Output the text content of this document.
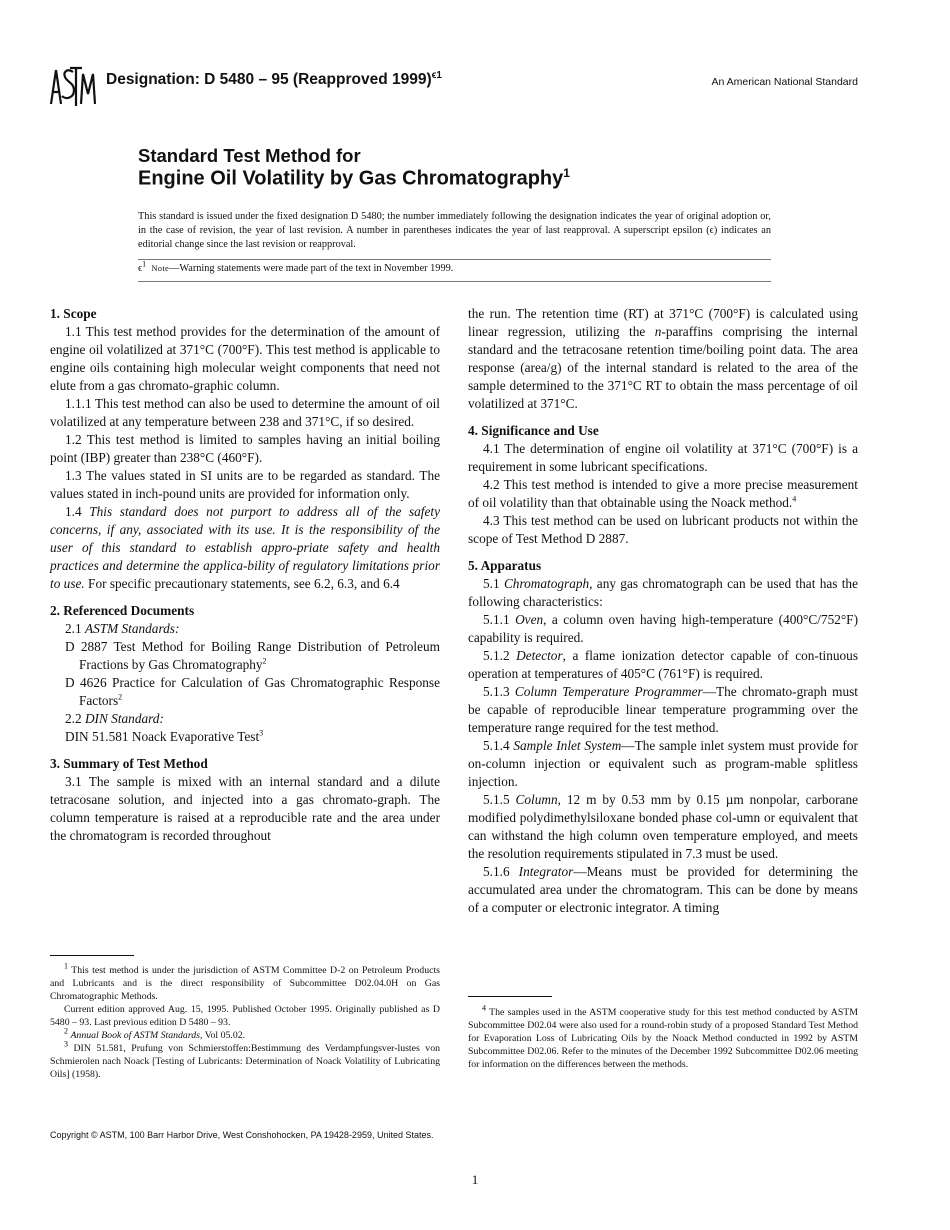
ASTM
Designation: D 5480 – 95 (Reapproved 1999)$^{\epsilon 1}$
An American National Standard
Standard Test Method for
Engine Oil Volatility by Gas Chromatography$^1$
This standard is issued under the fixed designation D 5480; the number immediately following the designation indicates the year of original adoption or, in the case of revision, the year of last revision. A number in parentheses indicates the year of last reapproval. A superscript epsilon (ϵ) indicates an editorial change since the last revision or reapproval.
ϵ$^1$ Note—Warning statements were made part of the text in November 1999.
1. Scope

1.1 This test method provides for the determination of the amount of engine oil volatilized at 371°C (700°F). This test method is applicable to engine oils containing high molecular weight components that need not elute from a gas chromato-graphic column.

1.1.1 This test method can also be used to determine the amount of oil volatilized at any temperature between 238 and 371°C, if so desired.

1.2 This test method is limited to samples having an initial boiling point (IBP) greater than 238°C (460°F).

1.3 The values stated in SI units are to be regarded as standard. The values stated in inch-pound units are provided for information only.

1.4 This standard does not purport to address all of the safety concerns, if any, associated with its use. It is the responsibility of the user of this standard to establish appro-priate safety and health practices and determine the applica-bility of regulatory limitations prior to use. For specific precautionary statements, see 6.2, 6.3, and 6.4

2. Referenced Documents

2.1 ASTM Standards:

D 2887 Test Method for Boiling Range Distribution of Petroleum Fractions by Gas Chromatography$^2$

D 4626 Practice for Calculation of Gas Chromatographic Response Factors$^2$

2.2 DIN Standard:

DIN 51.581 Noack Evaporative Test$^3$

3. Summary of Test Method

3.1 The sample is mixed with an internal standard and a dilute tetracosane solution, and injected into a gas chromato-graph. The column temperature is raised at a reproducible rate and the area under the chromatogram is recorded throughout

the run. The retention time (RT) at 371°C (700°F) is calculated using linear regression, utilizing the n-paraffins comprising the internal standard and the tetracosane retention time/boiling point data. The area response (area/g) of the internal standard is related to the area of the sample determined to the 371°C RT to obtain the mass percentage of oil volatilized at 371°C.

4. Significance and Use

4.1 The determination of engine oil volatility at 371°C (700°F) is a requirement in some lubricant specifications.

4.2 This test method is intended to give a more precise measurement of oil volatility than that obtainable using the Noack method.$^4$

4.3 This test method can be used on lubricant products not within the scope of Test Method D 2887.

5. Apparatus

5.1 Chromatograph, any gas chromatograph can be used that has the following characteristics:

5.1.1 Oven, a column oven having high-temperature (400°C/752°F) capability is required.

5.1.2 Detector, a flame ionization detector capable of con-tinuous operation at temperatures of 405°C (761°F) is required.

5.1.3 Column Temperature Programmer—The chromato-graph must be capable of reproducible linear temperature programming over the temperature range required for the test method.

5.1.4 Sample Inlet System—The sample inlet system must provide for on-column injection or equivalent such as program-mable splitless injection.

5.1.5 Column, 12 m by 0.53 mm by 0.15 µm nonpolar, carborane modified polydimethylsiloxane bonded phase col-umn or equivalent that can withstand the high column oven temperature employed, and meets the resolution requirements stipulated in 7.3 must be used.

5.1.6 Integrator—Means must be provided for determining the accumulated area under the chromatogram. This can be done by means of a computer or electronic integrator. A timing

$^1$ This test method is under the jurisdiction of ASTM Committee D-2 on Petroleum Products and Lubricants and is the direct responsibility of Subcommittee D02.04.0H on Gas Chromatographic Methods.

Current edition approved Aug. 15, 1995. Published October 1995. Originally published as D 5480 – 93. Last previous edition D 5480 – 93.

$^2$ Annual Book of ASTM Standards, Vol 05.02.

$^3$ DIN 51.581, Prufung von Schmierstoffen:Bestimmung des Verdampfungsver-lustes von Schmierolen nach Noack [Testing of Lubricants: Determination of Noack Volatility of Lubricating Oils] (1958).

$^4$ The samples used in the ASTM cooperative study for this test method conducted by ASTM Subcommittee D02.04 were also used for a round-robin study of a proposed Standard Test Method for Evaporation Loss of Lubricating Oils by the Noack Method conducted in 1992 by ASTM Subcommittee D02.06. Refer to the minutes of the December 1992 Subcommittee D02.06 meeting for information on the differences between the methods.

Copyright © ASTM, 100 Barr Harbor Drive, West Conshohocken, PA 19428-2959, United States.
1
